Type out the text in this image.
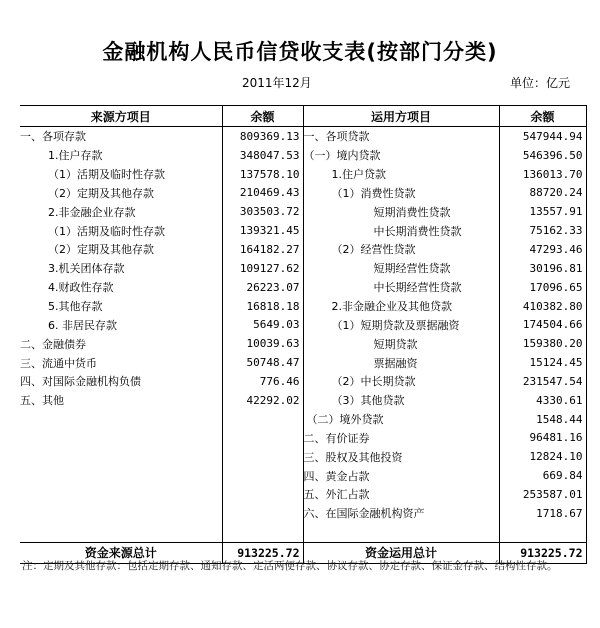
金融机构人民币信贷收支表(按部门分类)
2011年12月	单位：亿元
来源方项目	余额	运用方项目	余额
一、各项存款	809369.13	一、各项贷款	547944.94
1.住户存款	348047.53	（一）境内贷款	546396.50
（1）活期及临时性存款	137578.10	1.住户贷款	136013.70
（2）定期及其他存款	210469.43	（1）消费性贷款	88720.24
2.非金融企业存款	303503.72	短期消费性贷款	13557.91
（1）活期及临时性存款	139321.45	中长期消费性贷款	75162.33
（2）定期及其他存款	164182.27	（2）经营性贷款	47293.46
3.机关团体存款	109127.62	短期经营性贷款	30196.81
4.财政性存款	26223.07	中长期经营性贷款	17096.65
5.其他存款	16818.18	2.非金融企业及其他贷款	410382.80
6. 非居民存款	5649.03	（1）短期贷款及票据融资	174504.66
二、金融债券	10039.63	短期贷款	159380.20
三、流通中货币	50748.47	票据融资	15124.45
四、对国际金融机构负债	776.46	（2）中长期贷款	231547.54
五、其他	42292.02	（3）其他贷款	4330.61
		（二）境外贷款	1548.44
		二、有价证券	96481.16
		三、股权及其他投资	12824.10
		四、黄金占款	669.84
		五、外汇占款	253587.01
		六、在国际金融机构资产	1718.67

资金来源总计	913225.72	资金运用总计	913225.72
注：定期及其他存款：包括定期存款、通知存款、定活两便存款、协议存款、协定存款、保证金存款、结构性存款。
